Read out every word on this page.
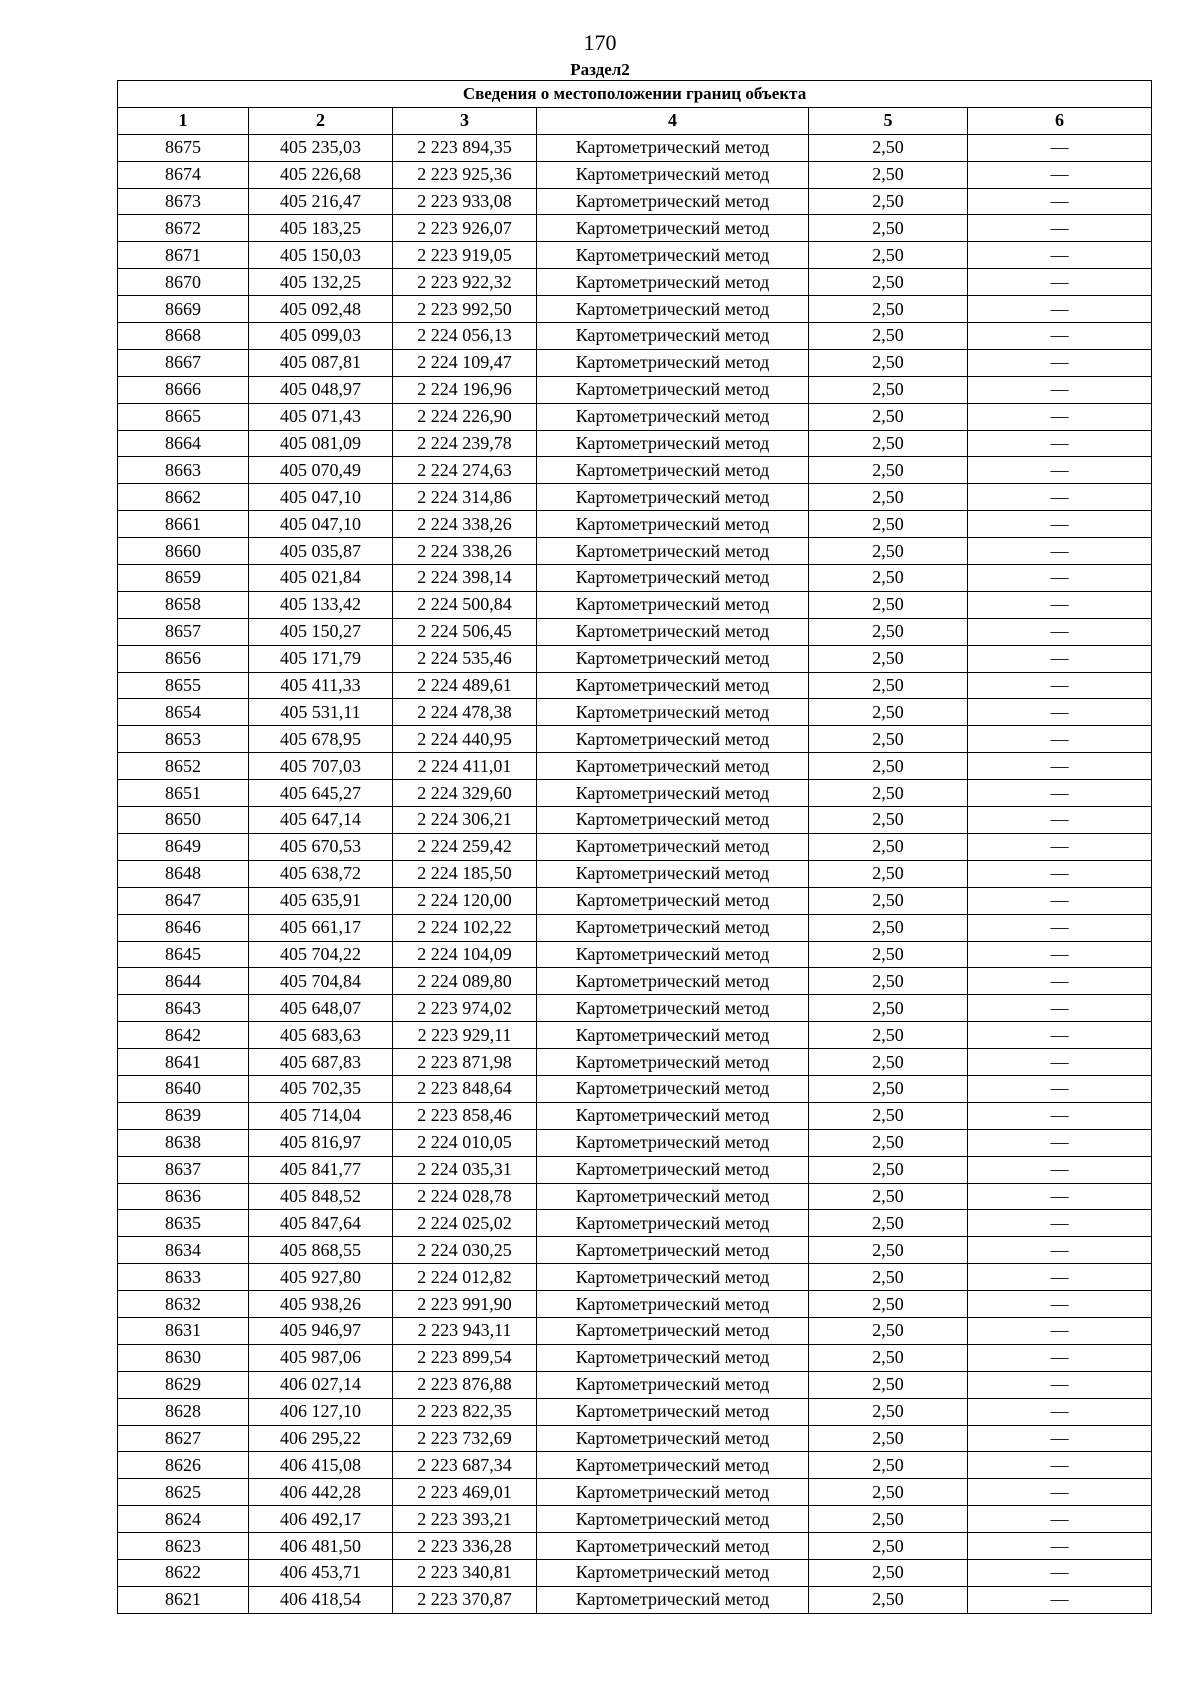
170
Раздел2
Сведения о местоположении границ объекта					
1	2	3	4	5	6
8675	405 235,03	2 223 894,35	Картометрический метод	2,50	—
8674	405 226,68	2 223 925,36	Картометрический метод	2,50	—
8673	405 216,47	2 223 933,08	Картометрический метод	2,50	—
8672	405 183,25	2 223 926,07	Картометрический метод	2,50	—
8671	405 150,03	2 223 919,05	Картометрический метод	2,50	—
8670	405 132,25	2 223 922,32	Картометрический метод	2,50	—
8669	405 092,48	2 223 992,50	Картометрический метод	2,50	—
8668	405 099,03	2 224 056,13	Картометрический метод	2,50	—
8667	405 087,81	2 224 109,47	Картометрический метод	2,50	—
8666	405 048,97	2 224 196,96	Картометрический метод	2,50	—
8665	405 071,43	2 224 226,90	Картометрический метод	2,50	—
8664	405 081,09	2 224 239,78	Картометрический метод	2,50	—
8663	405 070,49	2 224 274,63	Картометрический метод	2,50	—
8662	405 047,10	2 224 314,86	Картометрический метод	2,50	—
8661	405 047,10	2 224 338,26	Картометрический метод	2,50	—
8660	405 035,87	2 224 338,26	Картометрический метод	2,50	—
8659	405 021,84	2 224 398,14	Картометрический метод	2,50	—
8658	405 133,42	2 224 500,84	Картометрический метод	2,50	—
8657	405 150,27	2 224 506,45	Картометрический метод	2,50	—
8656	405 171,79	2 224 535,46	Картометрический метод	2,50	—
8655	405 411,33	2 224 489,61	Картометрический метод	2,50	—
8654	405 531,11	2 224 478,38	Картометрический метод	2,50	—
8653	405 678,95	2 224 440,95	Картометрический метод	2,50	—
8652	405 707,03	2 224 411,01	Картометрический метод	2,50	—
8651	405 645,27	2 224 329,60	Картометрический метод	2,50	—
8650	405 647,14	2 224 306,21	Картометрический метод	2,50	—
8649	405 670,53	2 224 259,42	Картометрический метод	2,50	—
8648	405 638,72	2 224 185,50	Картометрический метод	2,50	—
8647	405 635,91	2 224 120,00	Картометрический метод	2,50	—
8646	405 661,17	2 224 102,22	Картометрический метод	2,50	—
8645	405 704,22	2 224 104,09	Картометрический метод	2,50	—
8644	405 704,84	2 224 089,80	Картометрический метод	2,50	—
8643	405 648,07	2 223 974,02	Картометрический метод	2,50	—
8642	405 683,63	2 223 929,11	Картометрический метод	2,50	—
8641	405 687,83	2 223 871,98	Картометрический метод	2,50	—
8640	405 702,35	2 223 848,64	Картометрический метод	2,50	—
8639	405 714,04	2 223 858,46	Картометрический метод	2,50	—
8638	405 816,97	2 224 010,05	Картометрический метод	2,50	—
8637	405 841,77	2 224 035,31	Картометрический метод	2,50	—
8636	405 848,52	2 224 028,78	Картометрический метод	2,50	—
8635	405 847,64	2 224 025,02	Картометрический метод	2,50	—
8634	405 868,55	2 224 030,25	Картометрический метод	2,50	—
8633	405 927,80	2 224 012,82	Картометрический метод	2,50	—
8632	405 938,26	2 223 991,90	Картометрический метод	2,50	—
8631	405 946,97	2 223 943,11	Картометрический метод	2,50	—
8630	405 987,06	2 223 899,54	Картометрический метод	2,50	—
8629	406 027,14	2 223 876,88	Картометрический метод	2,50	—
8628	406 127,10	2 223 822,35	Картометрический метод	2,50	—
8627	406 295,22	2 223 732,69	Картометрический метод	2,50	—
8626	406 415,08	2 223 687,34	Картометрический метод	2,50	—
8625	406 442,28	2 223 469,01	Картометрический метод	2,50	—
8624	406 492,17	2 223 393,21	Картометрический метод	2,50	—
8623	406 481,50	2 223 336,28	Картометрический метод	2,50	—
8622	406 453,71	2 223 340,81	Картометрический метод	2,50	—
8621	406 418,54	2 223 370,87	Картометрический метод	2,50	—
